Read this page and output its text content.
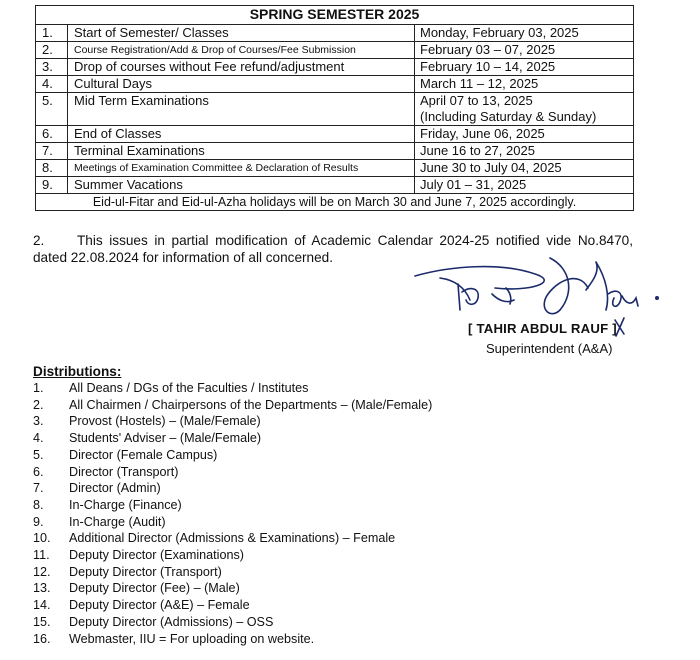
SPRING SEMESTER 2025		
1.	Start of Semester/ Classes	Monday, February 03, 2025
2.	Course Registration/Add & Drop of Courses/Fee Submission	February 03 – 07, 2025
3.	Drop of courses without Fee refund/adjustment	February 10 – 14, 2025
4.	Cultural Days	March 11 – 12, 2025
5.	Mid Term Examinations	April 07 to 13, 2025
(Including Saturday & Sunday)

6.	End of Classes	Friday, June 06, 2025
7.	Terminal Examinations	June 16 to 27, 2025
8.	Meetings of Examination Committee & Declaration of Results	June 30 to July 04, 2025
9.	Summer Vacations	July 01 – 31, 2025
Eid-ul-Fitar and Eid-ul-Azha holidays will be on March 30 and June 7, 2025 accordingly.		
2. This issues in partial modification of Academic Calendar 2024-25 notified vide No.8470, dated 22.08.2024 for information of all concerned.
[ TAHIR ABDUL RAUF ]
Superintendent (A&A)
Distributions:
1.	All Deans / DGs of the Faculties / Institutes
2.	All Chairmen / Chairpersons of the Departments – (Male/Female)
3.	Provost (Hostels) – (Male/Female)
4.	Students' Adviser – (Male/Female)
5.	Director (Female Campus)
6.	Director (Transport)
7.	Director (Admin)
8.	In-Charge (Finance)
9.	In-Charge (Audit)
10.	Additional Director (Admissions & Examinations) – Female
11.	Deputy Director (Examinations)
12.	Deputy Director (Transport)
13.	Deputy Director (Fee) – (Male)
14.	Deputy Director (A&E) – Female
15.	Deputy Director (Admissions) – OSS
16.	Webmaster, IIU = For uploading on website.
